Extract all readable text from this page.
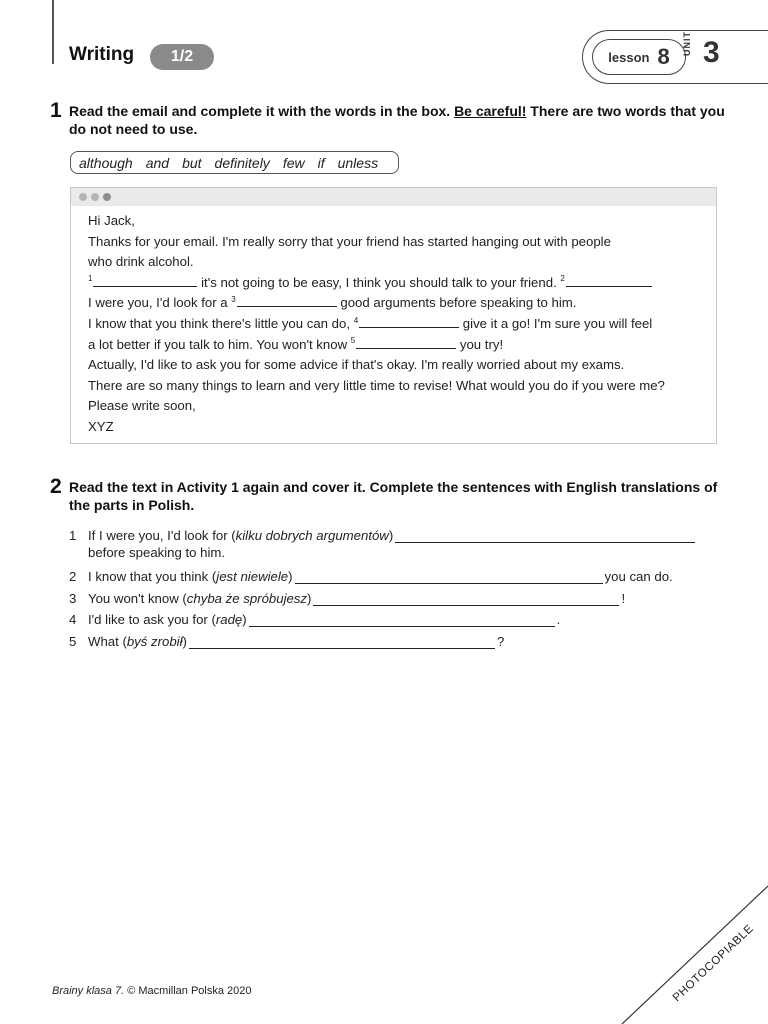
Writing	1/2	lesson 8
UNIT 3
1 Read the email and complete it with the words in the box. Be careful! There are two words that you do not need to use.
although and but definitely few if unless
Hi Jack,
Thanks for your email. I'm really sorry that your friend has started hanging out with people
who drink alcohol.
$^1$	it's not going to be easy, I think you should talk to your friend. $^2$
I were you, I'd look for a $^3$	good arguments before speaking to him.
I know that you think there's little you can do, $^4$	give it a go! I'm sure you will feel
a lot better if you talk to him. You won't know $^5$	you try!
Actually, I'd like to ask you for some advice if that's okay. I'm really worried about my exams.
There are so many things to learn and very little time to revise! What would you do if you were me?
Please write soon,
XYZ
2 Read the text in Activity 1 again and cover it. Complete the sentences with English translations of the parts in Polish.
1 If I were you, I'd look for ( kilku dobrych argumentów )
before speaking to him.
2 I know that you think ( jest niewiele )	you can do.
3 You won't know ( chyba że spróbujesz )	!
4 I'd like to ask you for ( radę )	.
5 What ( byś zrobił )	?
Brainy klasa 7. © Macmillan Polska 2020	PHOTOCOPIABLE
